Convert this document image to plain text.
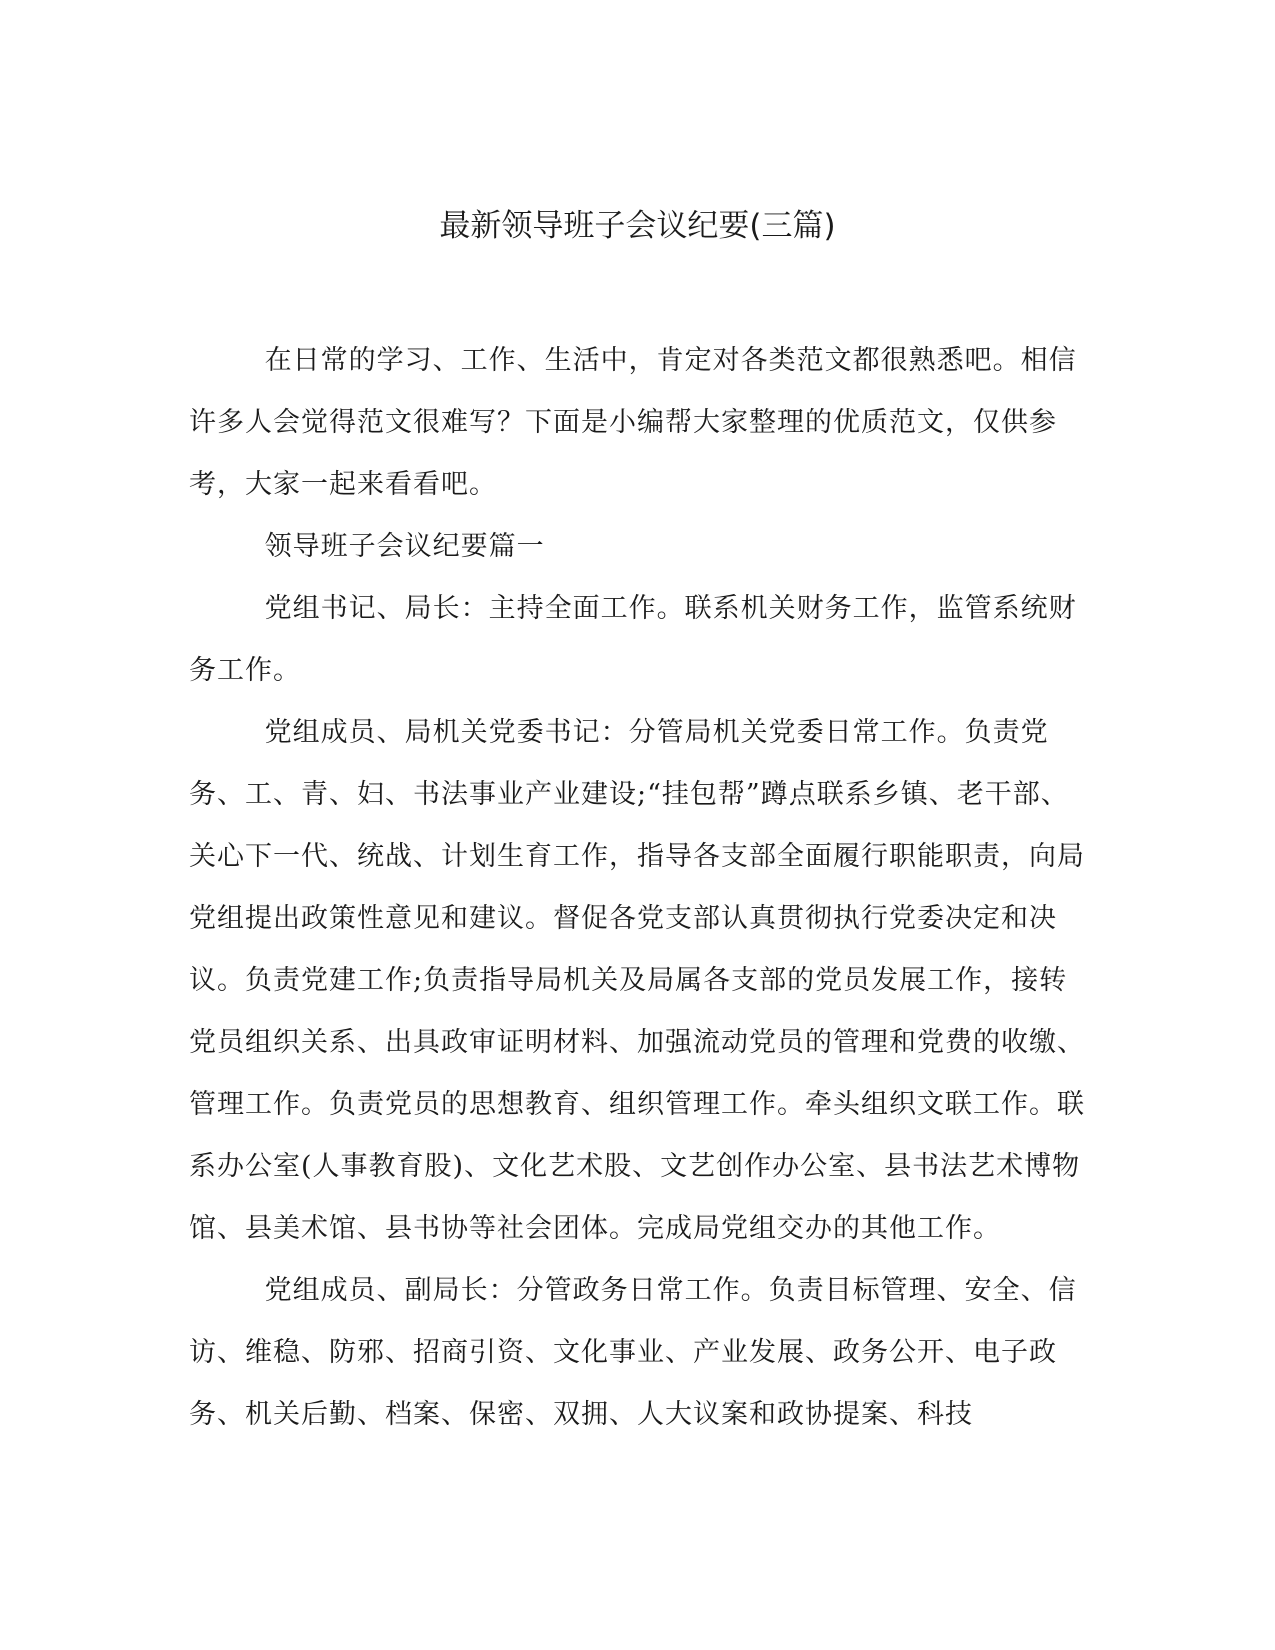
最新领导班子会议纪要(三篇)

在日常的学习、工作、生活中，肯定对各类范文都很熟悉吧。相信许多人会觉得范文很难写？下面是小编帮大家整理的优质范文，仅供参考，大家一起来看看吧。

领导班子会议纪要篇一

党组书记、局长：主持全面工作。联系机关财务工作，监管系统财务工作。

党组成员、局机关党委书记：分管局机关党委日常工作。负责党务、工、青、妇、书法事业产业建设;“挂包帮”蹲点联系乡镇、老干部、关心下一代、统战、计划生育工作，指导各支部全面履行职能职责，向局党组提出政策性意见和建议。督促各党支部认真贯彻执行党委决定和决议。负责党建工作;负责指导局机关及局属各支部的党员发展工作，接转党员组织关系、出具政审证明材料、加强流动党员的管理和党费的收缴、管理工作。负责党员的思想教育、组织管理工作。牵头组织文联工作。联系办公室(人事教育股)、文化艺术股、文艺创作办公室、县书法艺术博物馆、县美术馆、县书协等社会团体。完成局党组交办的其他工作。

党组成员、副局长：分管政务日常工作。负责目标管理、安全、信访、维稳、防邪、招商引资、文化事业、产业发展、政务公开、电子政务、机关后勤、档案、保密、双拥、人大议案和政协提案、科技
